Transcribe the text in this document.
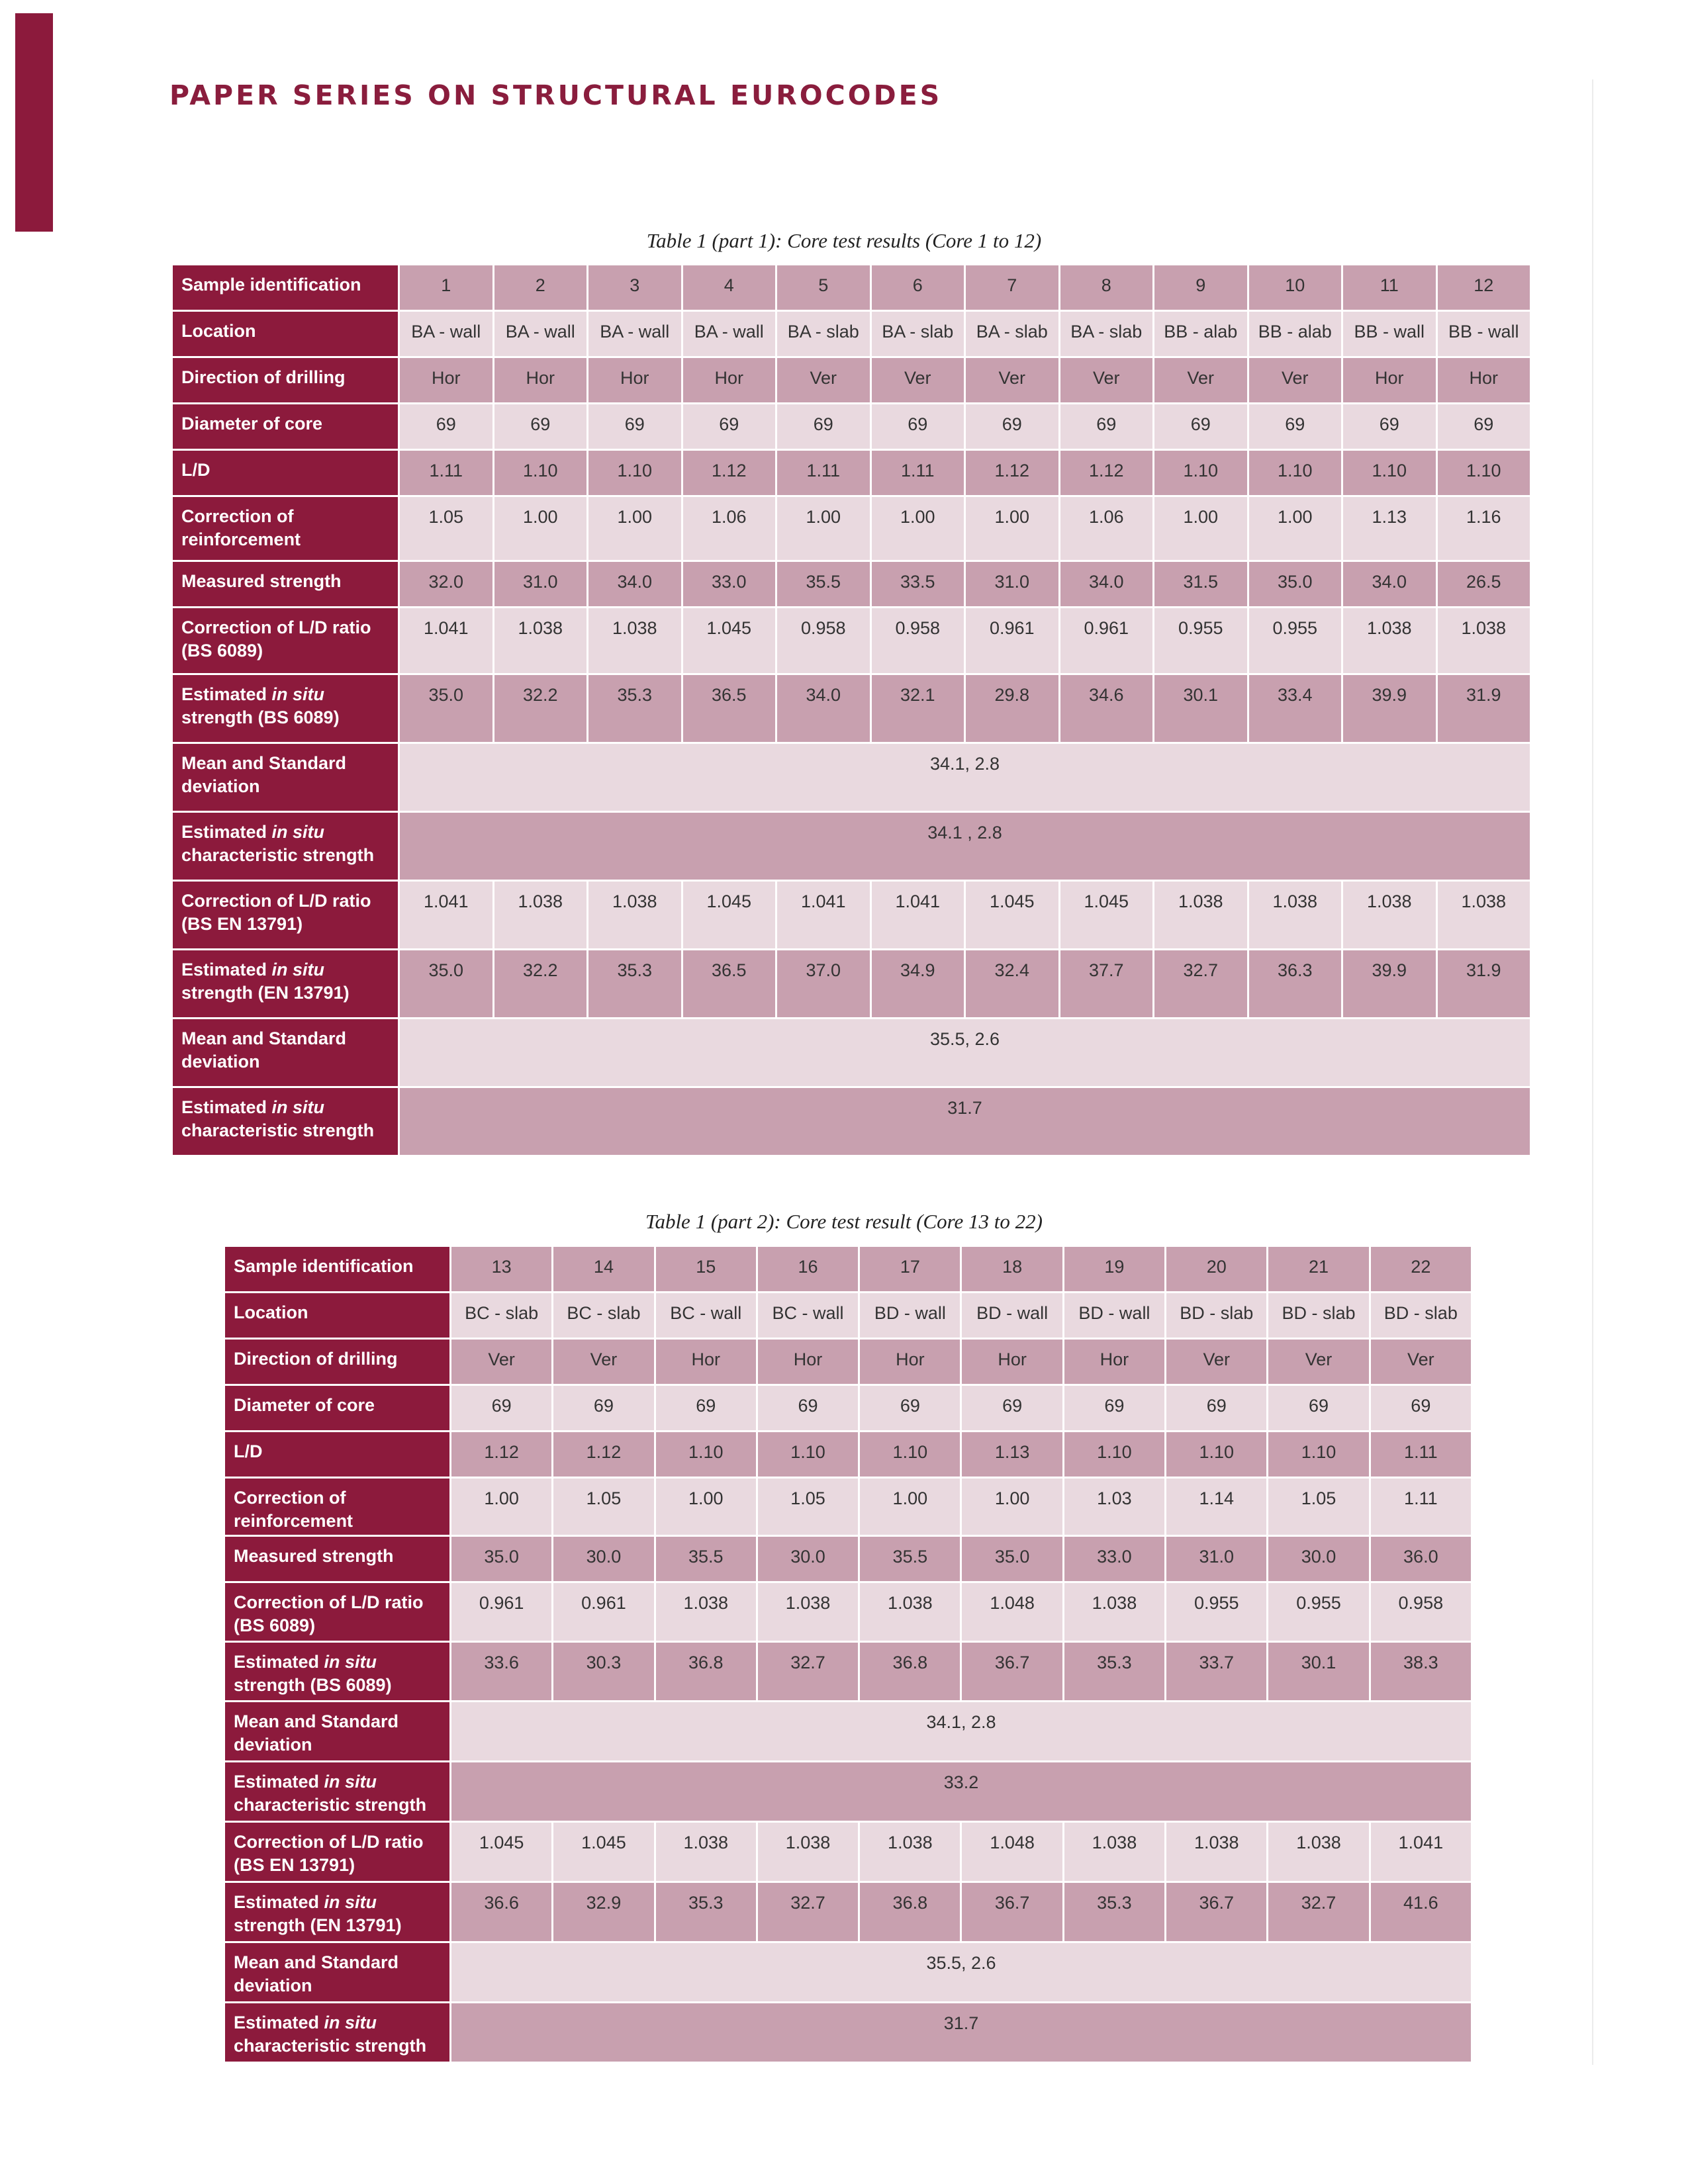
PAPER SERIES ON STRUCTURAL EUROCODES
Table 1 (part 1): Core test results (Core 1 to 12)
Sample identification	1	2	3	4	5	6	7	8	9	10	11	12
Location	BA - wall	BA - wall	BA - wall	BA - wall	BA - slab	BA - slab	BA - slab	BA - slab	BB - alab	BB - alab	BB - wall	BB - wall
Direction of drilling	Hor	Hor	Hor	Hor	Ver	Ver	Ver	Ver	Ver	Ver	Hor	Hor
Diameter of core	69	69	69	69	69	69	69	69	69	69	69	69
L/D	1.11	1.10	1.10	1.12	1.11	1.11	1.12	1.12	1.10	1.10	1.10	1.10
Correction of
reinforcement	1.05	1.00	1.00	1.06	1.00	1.00	1.00	1.06	1.00	1.00	1.13	1.16
Measured strength	32.0	31.0	34.0	33.0	35.5	33.5	31.0	34.0	31.5	35.0	34.0	26.5
Correction of L/D ratio
(BS 6089)	1.041	1.038	1.038	1.045	0.958	0.958	0.961	0.961	0.955	0.955	1.038	1.038
Estimated in situ
strength (BS 6089)	35.0	32.2	35.3	36.5	34.0	32.1	29.8	34.6	30.1	33.4	39.9	31.9
Mean and Standard
deviation	34.1, 2.8											
Estimated in situ
characteristic strength	34.1 , 2.8											
Correction of L/D ratio
(BS EN 13791)	1.041	1.038	1.038	1.045	1.041	1.041	1.045	1.045	1.038	1.038	1.038	1.038
Estimated in situ
strength (EN 13791)	35.0	32.2	35.3	36.5	37.0	34.9	32.4	37.7	32.7	36.3	39.9	31.9
Mean and Standard
deviation	35.5, 2.6											
Estimated in situ
characteristic strength	31.7											
Table 1 (part 2): Core test result (Core 13 to 22)
Sample identification	13	14	15	16	17	18	19	20	21	22
Location	BC - slab	BC - slab	BC - wall	BC - wall	BD - wall	BD - wall	BD - wall	BD - slab	BD - slab	BD - slab
Direction of drilling	Ver	Ver	Hor	Hor	Hor	Hor	Hor	Ver	Ver	Ver
Diameter of core	69	69	69	69	69	69	69	69	69	69
L/D	1.12	1.12	1.10	1.10	1.10	1.13	1.10	1.10	1.10	1.11
Correction of
reinforcement	1.00	1.05	1.00	1.05	1.00	1.00	1.03	1.14	1.05	1.11
Measured strength	35.0	30.0	35.5	30.0	35.5	35.0	33.0	31.0	30.0	36.0
Correction of L/D ratio
(BS 6089)	0.961	0.961	1.038	1.038	1.038	1.048	1.038	0.955	0.955	0.958
Estimated in situ
strength (BS 6089)	33.6	30.3	36.8	32.7	36.8	36.7	35.3	33.7	30.1	38.3
Mean and Standard
deviation	34.1, 2.8									
Estimated in situ
characteristic strength	33.2									
Correction of L/D ratio
(BS EN 13791)	1.045	1.045	1.038	1.038	1.038	1.048	1.038	1.038	1.038	1.041
Estimated in situ
strength (EN 13791)	36.6	32.9	35.3	32.7	36.8	36.7	35.3	36.7	32.7	41.6
Mean and Standard
deviation	35.5, 2.6									
Estimated in situ
characteristic strength	31.7									
